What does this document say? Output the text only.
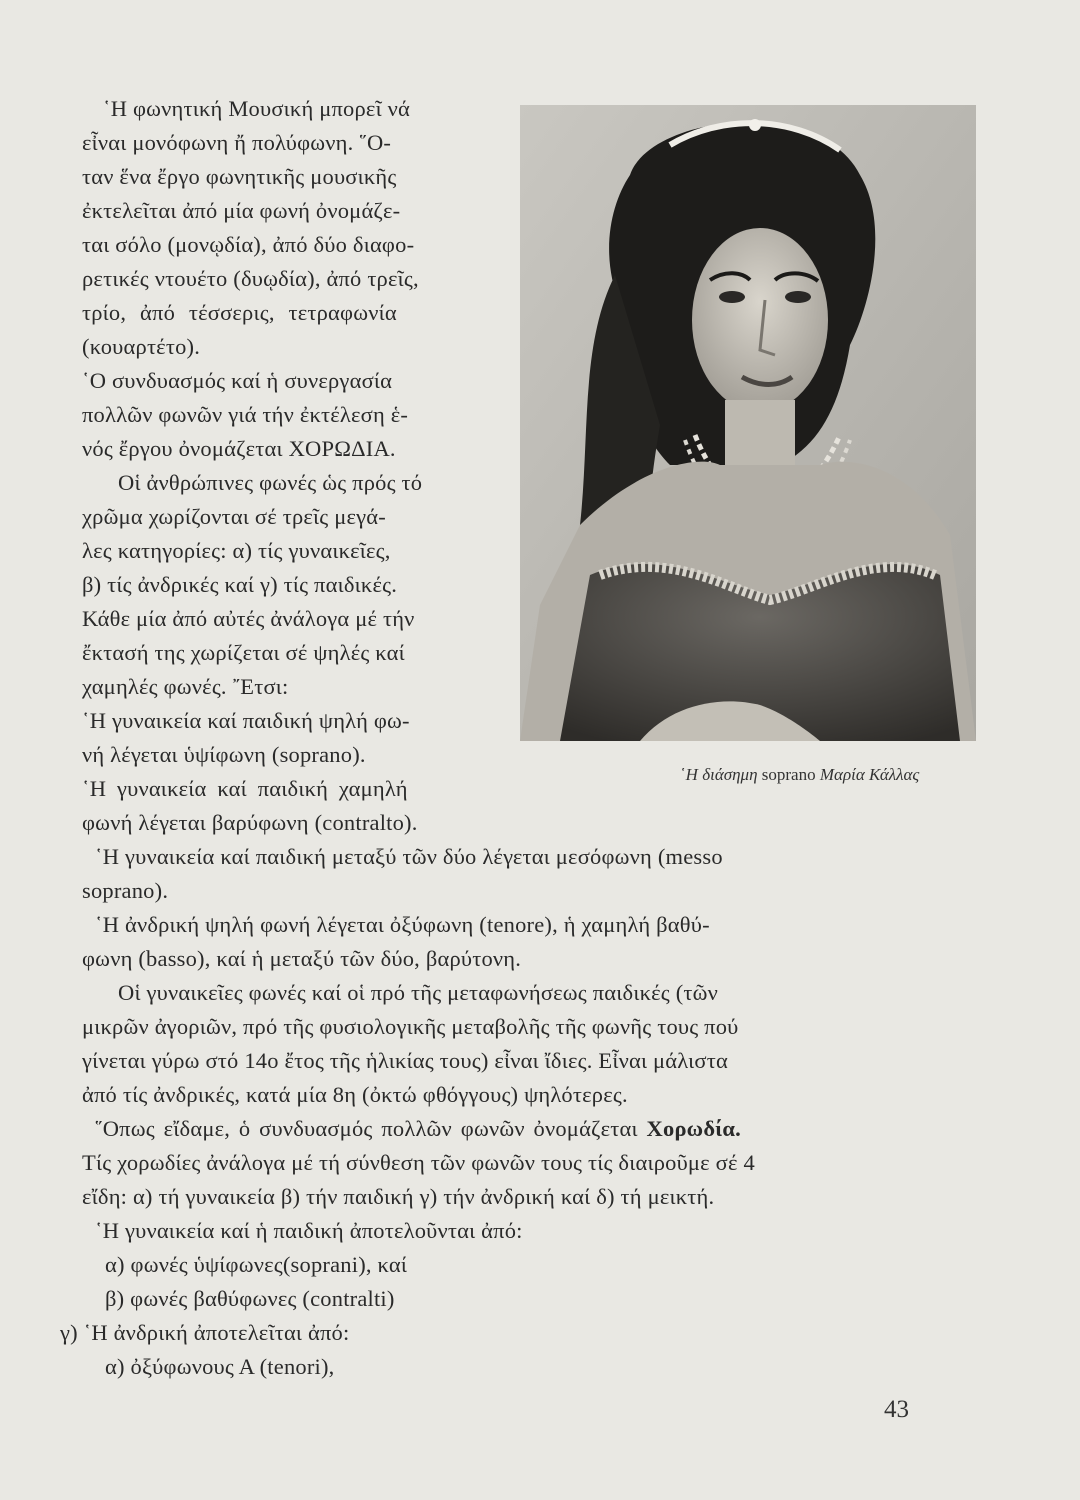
῾Η διάσημη soprano Μαρία Κάλλας
῾Η φωνητική Μουσική μπορεῖ νά
εἶναι μονόφωνη ἤ πολύφωνη. ῞Ο-
ταν ἕνα ἔργο φωνητικῆς μουσικῆς
ἐκτελεῖται ἀπό μία φωνή ὀνομάζε-
ται σόλο (μονῳδία), ἀπό δύο διαφο-
ρετικές ντουέτο (δυῳδία), ἀπό τρεῖς,
τρίο, ἀπό τέσσερις, τετραφωνία
(κουαρτέτο).
῾Ο συνδυασμός καί ἡ συνεργασία
πολλῶν φωνῶν γιά τήν ἐκτέλεση ἑ-
νός ἔργου ὀνομάζεται ΧΟΡΩΔΙΑ.
Οἱ ἀνθρώπινες φωνές ὡς πρός τό
χρῶμα χωρίζονται σέ τρεῖς μεγά-
λες κατηγορίες: α) τίς γυναικεῖες,
β) τίς ἀνδρικές καί γ) τίς παιδικές.
Κάθε μία ἀπό αὐτές ἀνάλογα μέ τήν
ἔκτασή της χωρίζεται σέ ψηλές καί
χαμηλές φωνές. ῎Ετσι:
῾Η γυναικεία καί παιδική ψηλή φω-
νή λέγεται ὑψίφωνη (soprano).
῾Η γυναικεία καί παιδική χαμηλή
φωνή λέγεται βαρύφωνη (contralto).
῾Η γυναικεία καί παιδική μεταξύ τῶν δύο λέγεται μεσόφωνη (messo
soprano).
῾Η ἀνδρική ψηλή φωνή λέγεται ὀξύφωνη (tenore), ἡ χαμηλή βαθύ-
φωνη (basso), καί ἡ μεταξύ τῶν δύο, βαρύτονη.
Οἱ γυναικεῖες φωνές καί οἱ πρό τῆς μεταφωνήσεως παιδικές (τῶν
μικρῶν ἀγοριῶν, πρό τῆς φυσιολογικῆς μεταβολῆς τῆς φωνῆς τους πού
γίνεται γύρω στό 14ο ἔτος τῆς ἡλικίας τους) εἶναι ἴδιες. Εἶναι μάλιστα
ἀπό τίς ἀνδρικές, κατά μία 8η (ὀκτώ φθόγγους) ψηλότερες.
῞Οπως εἴδαμε, ὁ συνδυασμός πολλῶν φωνῶν ὀνομάζεται Χορωδία.
Τίς χορωδίες ἀνάλογα μέ τή σύνθεση τῶν φωνῶν τους τίς διαιροῦμε σέ 4
εἴδη: α) τή γυναικεία β) τήν παιδική γ) τήν ἀνδρική καί δ) τή μεικτή.
῾Η γυναικεία καί ἡ παιδική ἀποτελοῦνται ἀπό:
α) φωνές ὑψίφωνες(soprani), καί
β) φωνές βαθύφωνες (contralti)
γ) ῾Η ἀνδρική ἀποτελεῖται ἀπό:
α) ὀξύφωνους Α (tenori),
43
